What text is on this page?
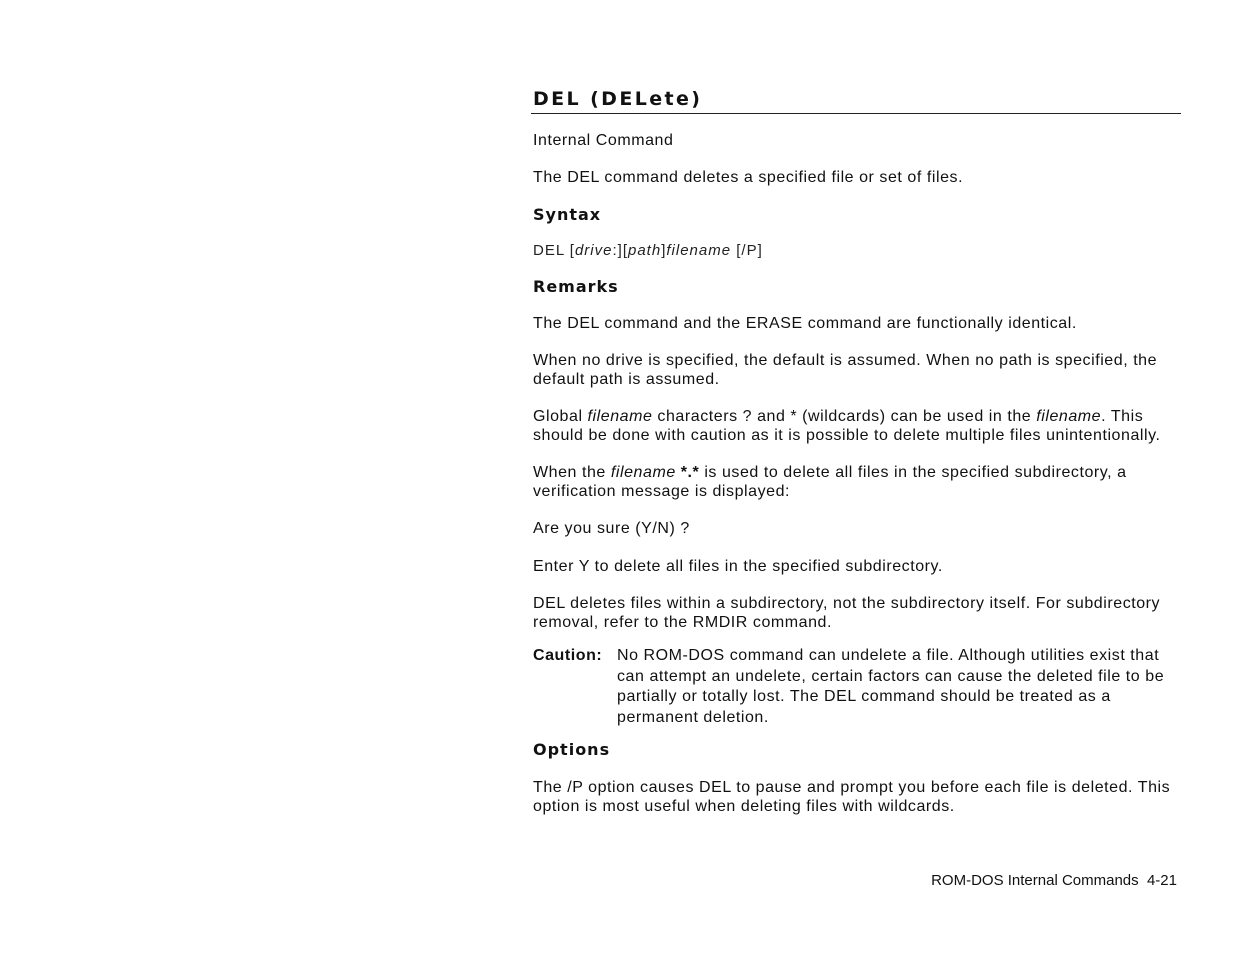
DEL (DELete)

Internal Command

The DEL command deletes a specified file or set of files.

Syntax

DEL [drive:][path]filename [/P]

Remarks

The DEL command and the ERASE command are functionally identical.

When no drive is specified, the default is assumed. When no path is specified, the default path is assumed.

Global filename characters ? and * (wildcards) can be used in the filename. This should be done with caution as it is possible to delete multiple files unintentionally.

When the filename *.* is used to delete all files in the specified subdirectory, a verification message is displayed:

Are you sure (Y/N) ?

Enter Y to delete all files in the specified subdirectory.

DEL deletes files within a subdirectory, not the subdirectory itself. For subdirectory removal, refer to the RMDIR command.

Caution: No ROM-DOS command can undelete a file. Although utilities exist that can attempt an undelete, certain factors can cause the deleted file to be partially or totally lost. The DEL command should be treated as a permanent deletion.
Options

The /P option causes DEL to pause and prompt you before each file is deleted. This option is most useful when deleting files with wildcards.

ROM-DOS Internal Commands  4-21
